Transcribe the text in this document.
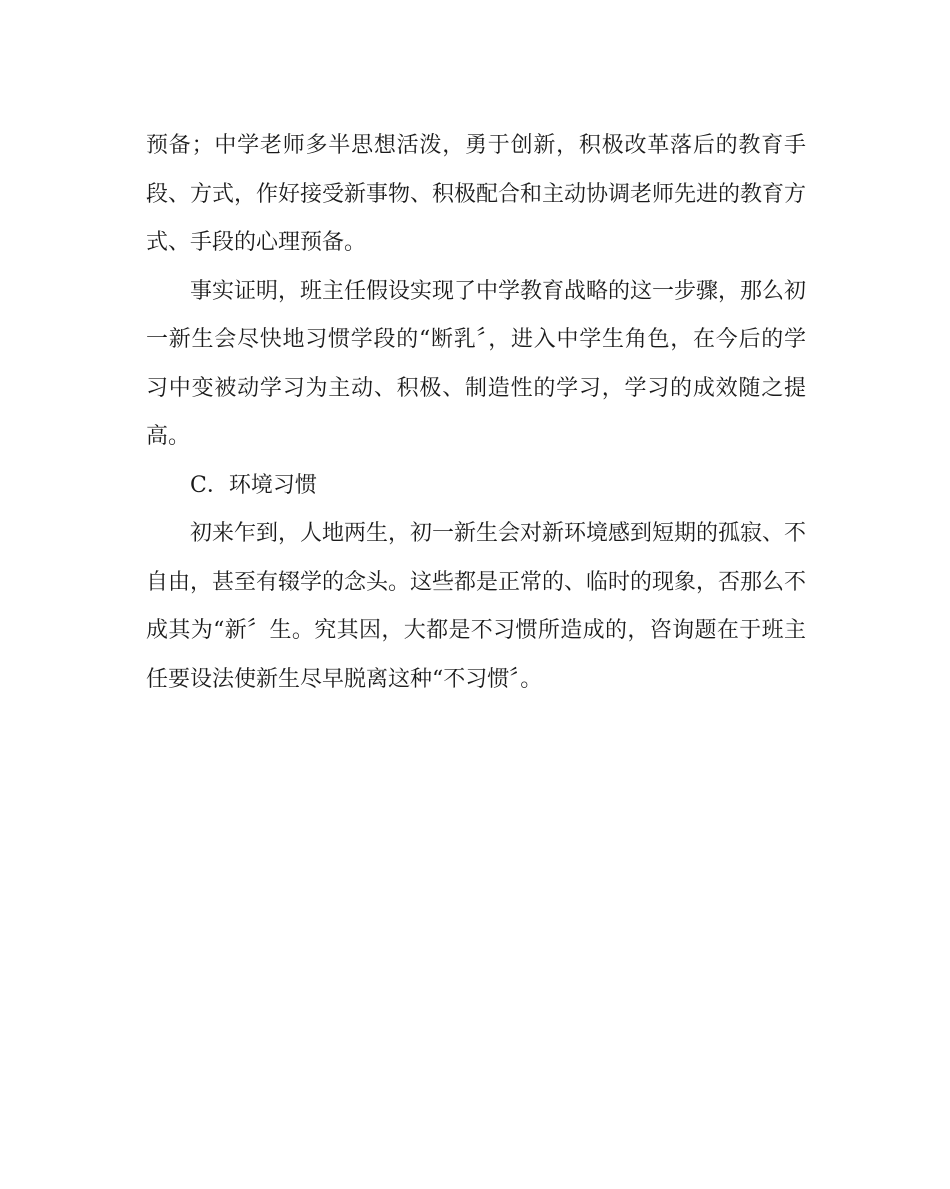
预备；中学老师多半思想活泼，勇于创新，积极改革落后的教育手段、方式，作好接受新事物、积极配合和主动协调老师先进的教育方式、手段的心理预备。

事实证明，班主任假设实现了中学教育战略的这一步骤，那么初一新生会尽快地习惯学段的“断乳〞，进入中学生角色，在今后的学习中变被动学习为主动、积极、制造性的学习，学习的成效随之提高。

C．环境习惯

初来乍到，人地两生，初一新生会对新环境感到短期的孤寂、不自由，甚至有辍学的念头。这些都是正常的、临时的现象，否那么不成其为“新〞生。究其因，大都是不习惯所造成的，咨询题在于班主任要设法使新生尽早脱离这种“不习惯〞。
